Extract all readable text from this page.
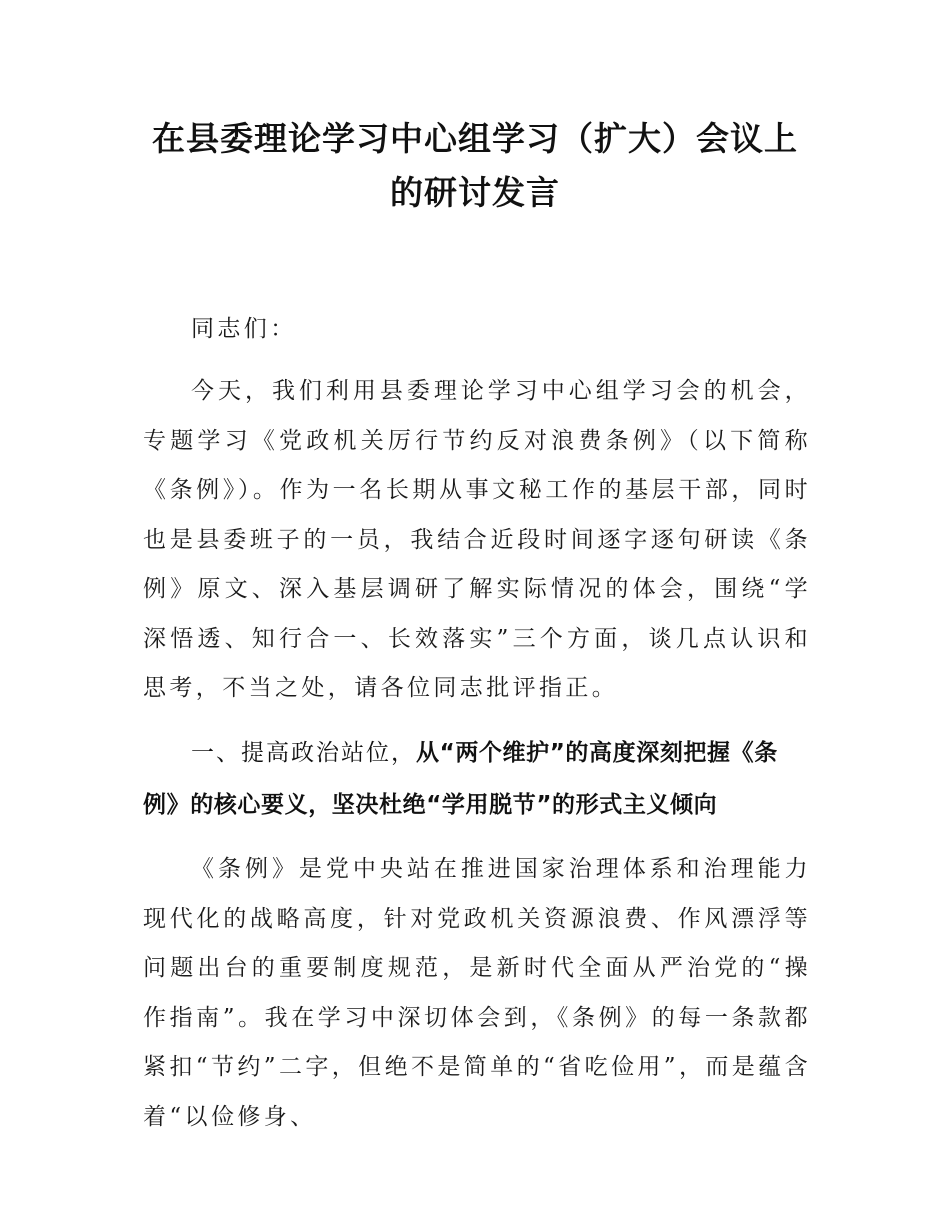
在县委理论学习中心组学习（扩大）会议上的研讨发言

同志们：

今天，我们利用县委理论学习中心组学习会的机会，专题学习《党政机关厉行节约反对浪费条例》（以下简称《条例》）。作为一名长期从事文秘工作的基层干部，同时也是县委班子的一员，我结合近段时间逐字逐句研读《条例》原文、深入基层调研了解实际情况的体会，围绕“学深悟透、知行合一、长效落实”三个方面，谈几点认识和思考，不当之处，请各位同志批评指正。

一、提高政治站位，从“两个维护”的高度深刻把握《条例》的核心要义，坚决杜绝“学用脱节”的形式主义倾向

《条例》是党中央站在推进国家治理体系和治理能力现代化的战略高度，针对党政机关资源浪费、作风漂浮等问题出台的重要制度规范，是新时代全面从严治党的“操作指南”。我在学习中深切体会到，《条例》的每一条款都紧扣“节约”二字，但绝不是简单的“省吃俭用”，而是蕴含着“以俭修身、
